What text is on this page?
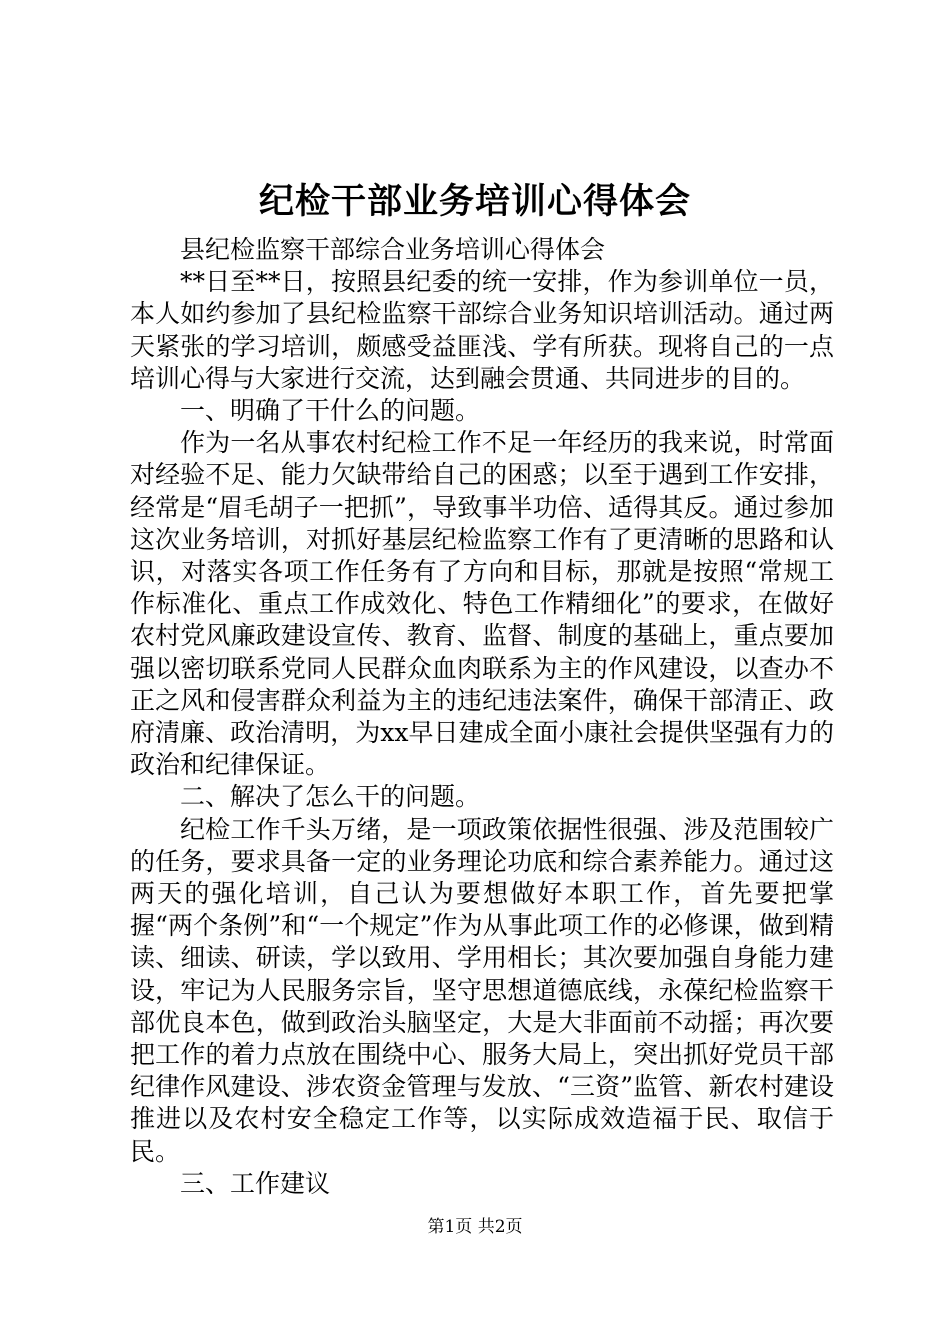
纪检干部业务培训心得体会

县纪检监察干部综合业务培训心得体会

**日至**日，按照县纪委的统一安排，作为参训单位一员，本人如约参加了县纪检监察干部综合业务知识培训活动。通过两天紧张的学习培训，颇感受益匪浅、学有所获。现将自己的一点培训心得与大家进行交流，达到融会贯通、共同进步的目的。

一、明确了干什么的问题。

作为一名从事农村纪检工作不足一年经历的我来说，时常面对经验不足、能力欠缺带给自己的困惑；以至于遇到工作安排，经常是“眉毛胡子一把抓”，导致事半功倍、适得其反。通过参加这次业务培训，对抓好基层纪检监察工作有了更清晰的思路和认识，对落实各项工作任务有了方向和目标，那就是按照“常规工作标准化、重点工作成效化、特色工作精细化”的要求，在做好农村党风廉政建设宣传、教育、监督、制度的基础上，重点要加强以密切联系党同人民群众血肉联系为主的作风建设，以查办不正之风和侵害群众利益为主的违纪违法案件，确保干部清正、政府清廉、政治清明，为xx早日建成全面小康社会提供坚强有力的政治和纪律保证。

二、解决了怎么干的问题。

纪检工作千头万绪，是一项政策依据性很强、涉及范围较广的任务，要求具备一定的业务理论功底和综合素养能力。通过这两天的强化培训，自己认为要想做好本职工作，首先要把掌握“两个条例”和“一个规定”作为从事此项工作的必修课，做到精读、细读、研读，学以致用、学用相长；其次要加强自身能力建设，牢记为人民服务宗旨，坚守思想道德底线，永葆纪检监察干部优良本色，做到政治头脑坚定，大是大非面前不动摇；再次要把工作的着力点放在围绕中心、服务大局上，突出抓好党员干部纪律作风建设、涉农资金管理与发放、“三资”监管、新农村建设推进以及农村安全稳定工作等，以实际成效造福于民、取信于民。

三、工作建议

第1页 共2页
